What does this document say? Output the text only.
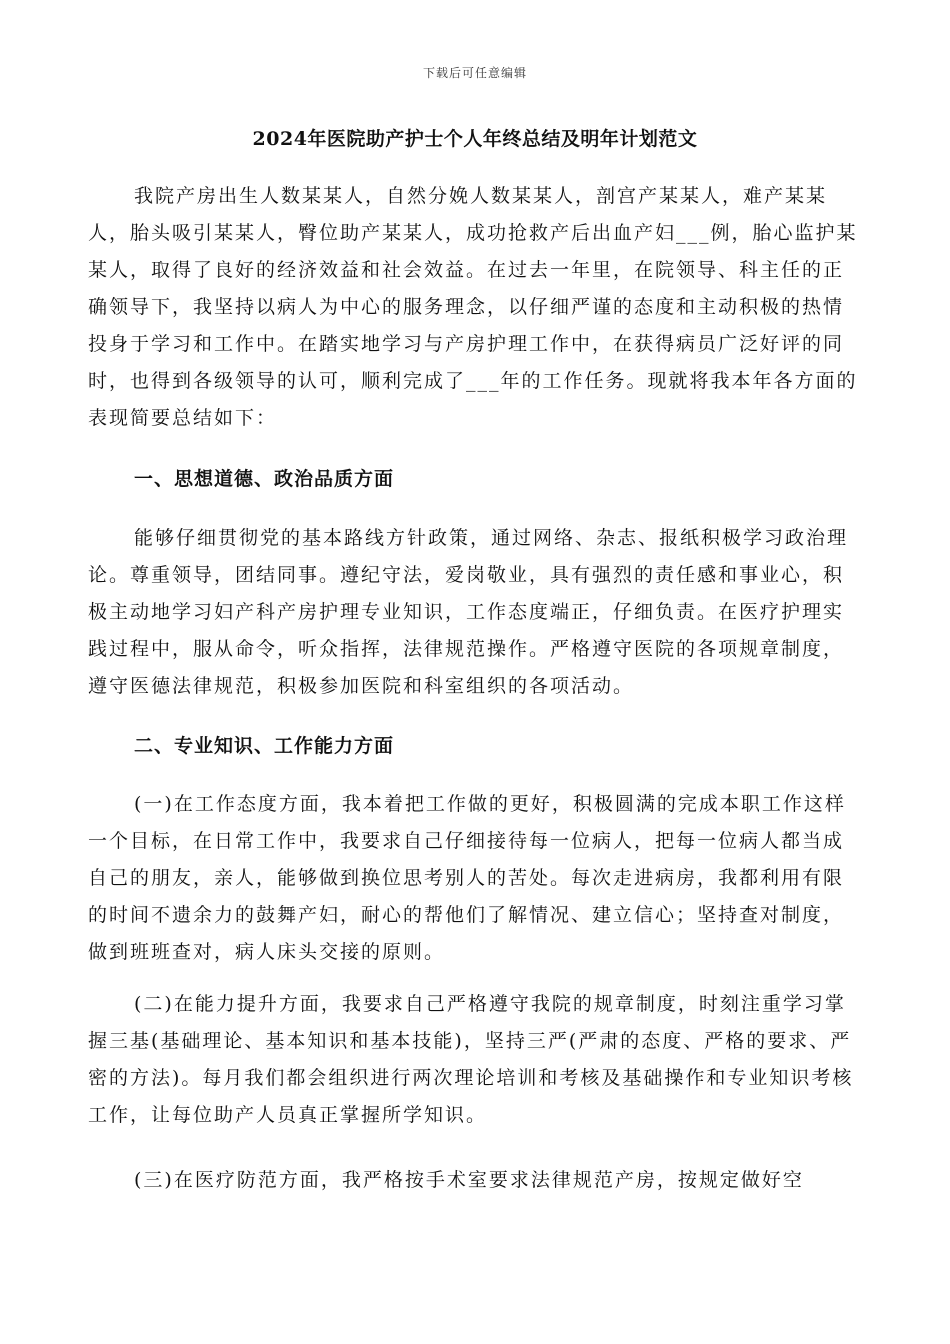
下载后可任意编辑
2024年医院助产护士个人年终总结及明年计划范文

我院产房出生人数某某人，自然分娩人数某某人，剖宫产某某人，难产某某人，胎头吸引某某人，臀位助产某某人，成功抢救产后出血产妇___例，胎心监护某某人，取得了良好的经济效益和社会效益。在过去一年里，在院领导、科主任的正确领导下，我坚持以病人为中心的服务理念，以仔细严谨的态度和主动积极的热情投身于学习和工作中。在踏实地学习与产房护理工作中，在获得病员广泛好评的同时，也得到各级领导的认可，顺利完成了___年的工作任务。现就将我本年各方面的表现简要总结如下：

一、思想道德、政治品质方面

能够仔细贯彻党的基本路线方针政策，通过网络、杂志、报纸积极学习政治理论。尊重领导，团结同事。遵纪守法，爱岗敬业，具有强烈的责任感和事业心，积极主动地学习妇产科产房护理专业知识，工作态度端正，仔细负责。在医疗护理实践过程中，服从命令，听众指挥，法律规范操作。严格遵守医院的各项规章制度，遵守医德法律规范，积极参加医院和科室组织的各项活动。

二、专业知识、工作能力方面

(一)在工作态度方面，我本着把工作做的更好，积极圆满的完成本职工作这样一个目标，在日常工作中，我要求自己仔细接待每一位病人，把每一位病人都当成自己的朋友，亲人，能够做到换位思考别人的苦处。每次走进病房，我都利用有限的时间不遗余力的鼓舞产妇，耐心的帮他们了解情况、建立信心；坚持查对制度，做到班班查对，病人床头交接的原则。

(二)在能力提升方面，我要求自己严格遵守我院的规章制度，时刻注重学习掌握三基(基础理论、基本知识和基本技能)，坚持三严(严肃的态度、严格的要求、严密的方法)。每月我们都会组织进行两次理论培训和考核及基础操作和专业知识考核工作，让每位助产人员真正掌握所学知识。

(三)在医疗防范方面，我严格按手术室要求法律规范产房，按规定做好空
